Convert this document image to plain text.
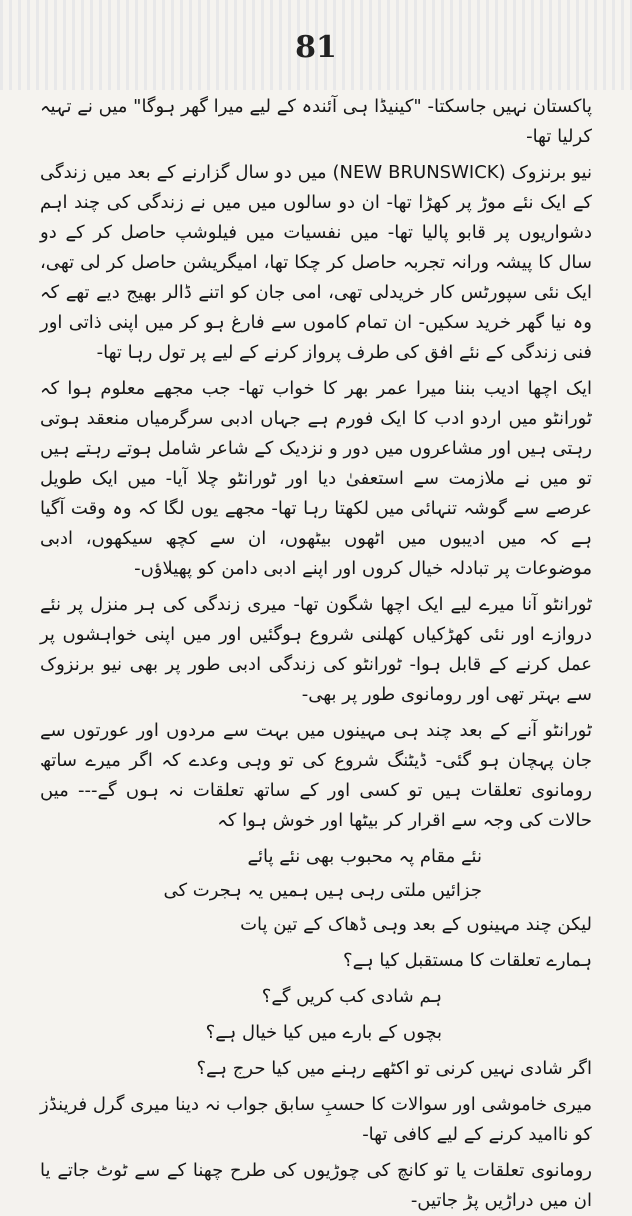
81

پاکستان نہیں جاسکتا- "کینیڈا ہی آئندہ کے لیے میرا گھر ہوگا" میں نے تہیہ کرلیا تھا-

نیو برنزوک (NEW BRUNSWICK) میں دو سال گزارنے کے بعد میں زندگی کے ایک نئے موڑ پر کھڑا تھا- ان دو سالوں میں میں نے زندگی کی چند اہم دشواریوں پر قابو پالیا تھا- میں نفسیات میں فیلوشپ حاصل کر کے دو سال کا پیشہ ورانہ تجربہ حاصل کر چکا تھا، امیگریشن حاصل کر لی تھی، ایک نئی سپورٹس کار خریدلی تھی، امی جان کو اتنے ڈالر بھیج دیے تھے کہ وہ نیا گھر خرید سکیں- ان تمام کاموں سے فارغ ہو کر میں اپنی ذاتی اور فنی زندگی کے نئے افق کی طرف پرواز کرنے کے لیے پر تول رہا تھا-

ایک اچھا ادیب بننا میرا عمر بھر کا خواب تھا- جب مجھے معلوم ہوا کہ ٹورانٹو میں اردو ادب کا ایک فورم ہے جہاں ادبی سرگرمیاں منعقد ہوتی رہتی ہیں اور مشاعروں میں دور و نزدیک کے شاعر شامل ہوتے رہتے ہیں تو میں نے ملازمت سے استعفیٰ دیا اور ٹورانٹو چلا آیا- میں ایک طویل عرصے سے گوشہ تنہائی میں لکھتا رہا تھا- مجھے یوں لگا کہ وہ وقت آگیا ہے کہ میں ادیبوں میں اٹھوں بیٹھوں، ان سے کچھ سیکھوں، ادبی موضوعات پر تبادلہ خیال کروں اور اپنے ادبی دامن کو پھیلاؤں-

ٹورانٹو آنا میرے لیے ایک اچھا شگون تھا- میری زندگی کی ہر منزل پر نئے دروازے اور نئی کھڑکیاں کھلنی شروع ہوگئیں اور میں اپنی خواہشوں پر عمل کرنے کے قابل ہوا- ٹورانٹو کی زندگی ادبی طور پر بھی نیو برنزوک سے بہتر تھی اور رومانوی طور پر بھی-

ٹورانٹو آنے کے بعد چند ہی مہینوں میں بہت سے مردوں اور عورتوں سے جان پہچان ہو گئی- ڈیٹنگ شروع کی تو وہی وعدے کہ اگر میرے ساتھ رومانوی تعلقات ہیں تو کسی اور کے ساتھ تعلقات نہ ہوں گے--- میں حالات کی وجہ سے اقرار کر بیٹھا اور خوش ہوا کہ

نئے مقام پہ محبوب بھی نئے پائے

جزائیں ملتی رہی ہیں ہمیں یہ ہجرت کی

لیکن چند مہینوں کے بعد وہی ڈھاک کے تین پات

ہمارے تعلقات کا مستقبل کیا ہے؟

ہم شادی کب کریں گے؟

بچوں کے بارے میں کیا خیال ہے؟

اگر شادی نہیں کرنی تو اکٹھے رہنے میں کیا حرج ہے؟

میری خاموشی اور سوالات کا حسبِ سابق جواب نہ دینا میری گرل فرینڈز کو ناامید کرنے کے لیے کافی تھا-

رومانوی تعلقات یا تو کانچ کی چوڑیوں کی طرح چھنا کے سے ٹوٹ جاتے یا ان میں دراڑیں پڑ جاتیں-
